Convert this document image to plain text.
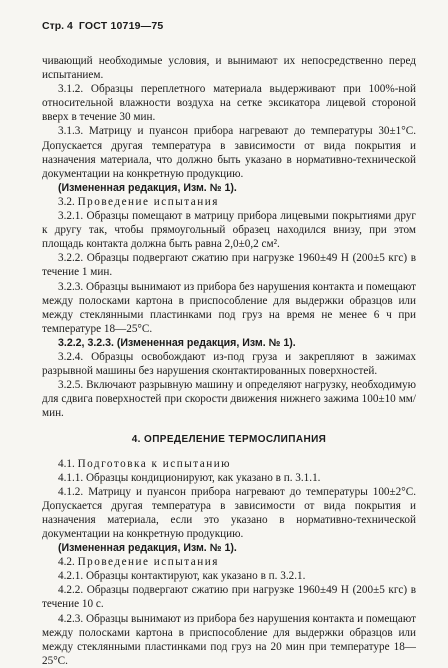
Стр. 4 ГОСТ 10719—75

чивающий необходимые условия, и вынимают их непосредственно перед испытанием.

3.1.2. Образцы переплетного материала выдерживают при 100%-ной относительной влажности воздуха на сетке эксикатора лицевой стороной вверх в течение 30 мин.

3.1.3. Матрицу и пуансон прибора нагревают до температуры 30±1°С. Допускается другая температура в зависимости от вида покрытия и назначения материала, что должно быть указано в нормативно-технической документации на конкретную продукцию.

(Измененная редакция, Изм. № 1).

3.2. Проведение испытания

3.2.1. Образцы помещают в матрицу прибора лицевыми покрытиями друг к другу так, чтобы прямоугольный образец находился внизу, при этом площадь контакта должна быть равна 2,0±0,2 см².

3.2.2. Образцы подвергают сжатию при нагрузке 1960±49 Н (200±5 кгс) в течение 1 мин.

3.2.3. Образцы вынимают из прибора без нарушения контакта и помещают между полосками картона в приспособление для выдержки образцов или между стеклянными пластинками под груз на время не менее 6 ч при температуре 18—25°С.

3.2.2, 3.2.3. (Измененная редакция, Изм. № 1).

3.2.4. Образцы освобождают из-под груза и закрепляют в зажимах разрывной машины без нарушения сконтактированных поверхностей.

3.2.5. Включают разрывную машину и определяют нагрузку, необходимую для сдвига поверхностей при скорости движения нижнего зажима 100±10 мм/мин.

4. ОПРЕДЕЛЕНИЕ ТЕРМОСЛИПАНИЯ

4.1. Подготовка к испытанию

4.1.1. Образцы кондиционируют, как указано в п. 3.1.1.

4.1.2. Матрицу и пуансон прибора нагревают до температуры 100±2°С. Допускается другая температура в зависимости от вида покрытия и назначения материала, если это указано в нормативно-технической документации на конкретную продукцию.

(Измененная редакция, Изм. № 1).

4.2. Проведение испытания

4.2.1. Образцы контактируют, как указано в п. 3.2.1.

4.2.2. Образцы подвергают сжатию при нагрузке 1960±49 Н (200±5 кгс) в течение 10 с.

4.2.3. Образцы вынимают из прибора без нарушения контакта и помещают между полосками картона в приспособление для выдержки образцов или между стеклянными пластинками под груз на 20 мин при температуре 18—25°С.
